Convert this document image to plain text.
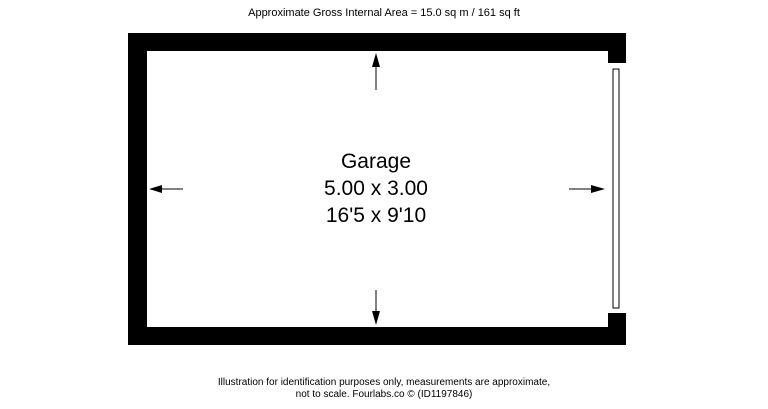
Approximate Gross Internal Area = 15.0 sq m / 161 sq ft
Garage
5.00 x 3.00
16'5 x 9'10
Illustration for identification purposes only, measurements are approximate,
not to scale. Fourlabs.co © (ID1197846)
